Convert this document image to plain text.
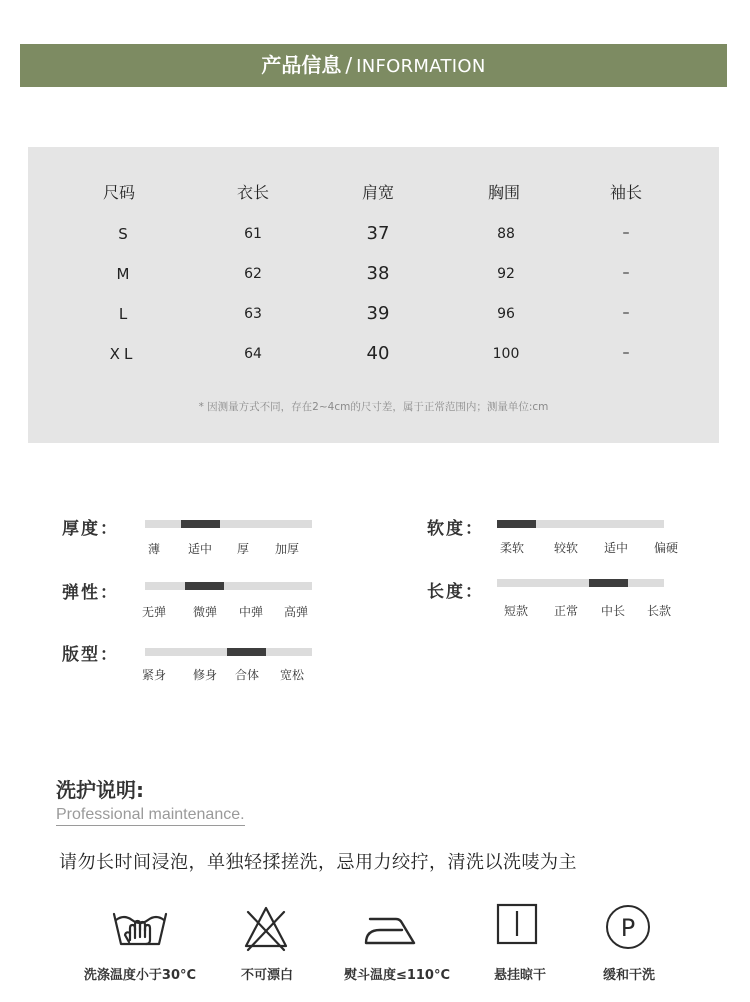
产品信息 / INFORMATION
尺码	衣长	肩宽	胸围	袖长
S	61	37	88	–
M	62	38	92	–
L	63	39	96	–
XL	64	40	100	–
* 因测量方式不同，存在2~4cm的尺寸差，属于正常范围内；测量单位:cm
厚度：
薄	适中	厚	加厚
软度：
柔软	较软	适中	偏硬
弹性：
无弹	微弹	中弹	高弹
长度：
短款	正常	中长	长款
版型：
紧身	修身	合体	宽松
洗护说明:
Professional maintenance.
请勿长时间浸泡，单独轻揉搓洗，忌用力绞拧，清洗以洗唛为主
P
洗涤温度小于30°C	不可漂白	熨斗温度≤110°C	悬挂晾干	缓和干洗
